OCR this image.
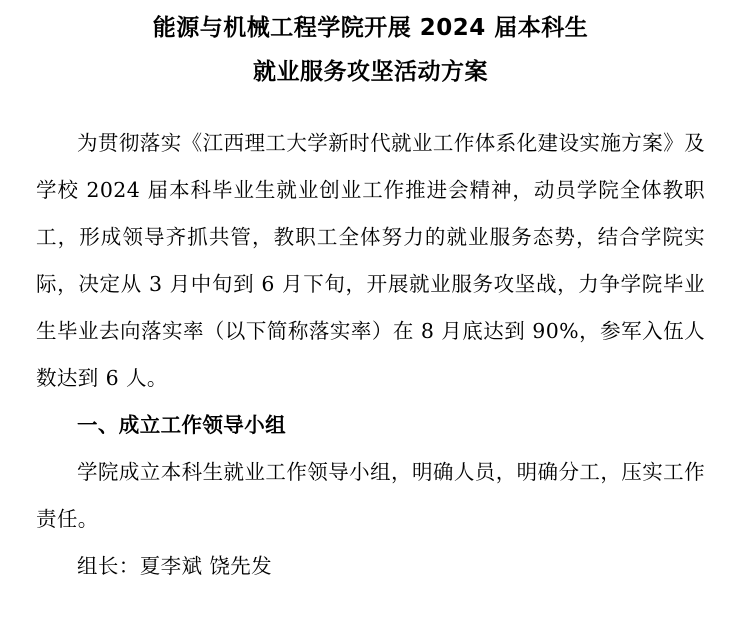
能源与机械工程学院开展 2024 届本科生
就业服务攻坚活动方案

为贯彻落实《江西理工大学新时代就业工作体系化建设实施方案》及学校 2024 届本科毕业生就业创业工作推进会精神，动员学院全体教职工，形成领导齐抓共管，教职工全体努力的就业服务态势，结合学院实际，决定从 3 月中旬到 6 月下旬，开展就业服务攻坚战，力争学院毕业生毕业去向落实率（以下简称落实率）在 8 月底达到 90%，参军入伍人数达到 6 人。

一、成立工作领导小组

学院成立本科生就业工作领导小组，明确人员，明确分工，压实工作责任。

组长：夏李斌 饶先发
